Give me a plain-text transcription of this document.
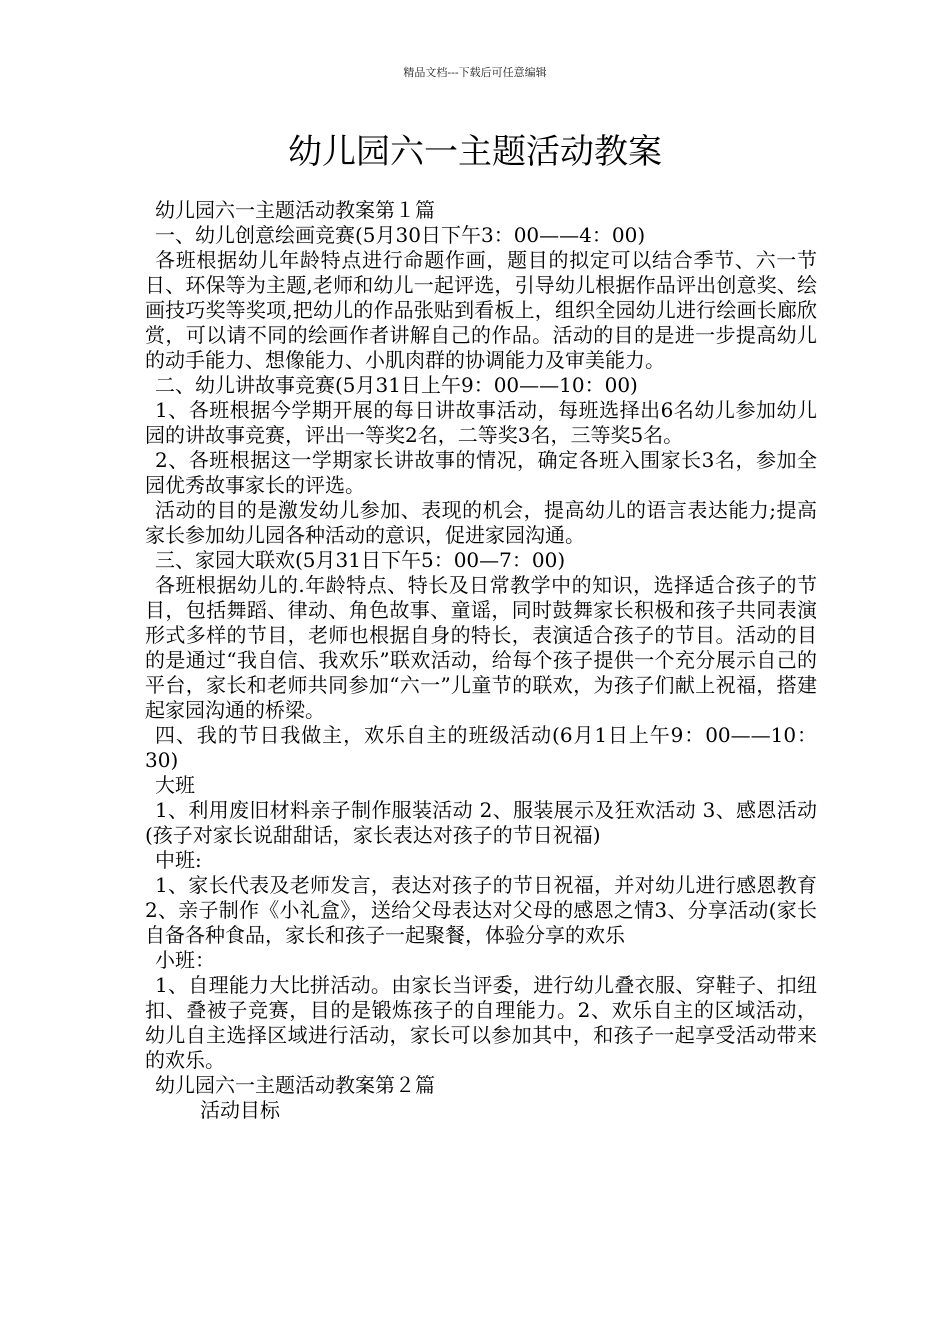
精品文档---下载后可任意编辑
幼儿园六一主题活动教案

幼儿园六一主题活动教案第１篇

一、幼儿创意绘画竞赛(5月30日下午3：00——4：00)

各班根据幼儿年龄特点进行命题作画，题目的拟定可以结合季节、六一节日、环保等为主题,老师和幼儿一起评选，引导幼儿根据作品评出创意奖、绘画技巧奖等奖项,把幼儿的作品张贴到看板上，组织全园幼儿进行绘画长廊欣赏，可以请不同的绘画作者讲解自己的作品。活动的目的是进一步提高幼儿的动手能力、想像能力、小肌肉群的协调能力及审美能力。

二、幼儿讲故事竞赛(5月31日上午9：00——10：00)

1、各班根据今学期开展的每日讲故事活动，每班选择出6名幼儿参加幼儿园的讲故事竞赛，评出一等奖2名，二等奖3名，三等奖5名。

2、各班根据这一学期家长讲故事的情况，确定各班入围家长3名，参加全园优秀故事家长的评选。

活动的目的是激发幼儿参加、表现的机会，提高幼儿的语言表达能力;提高家长参加幼儿园各种活动的意识，促进家园沟通。

三、家园大联欢(5月31日下午5：00—7：00)

各班根据幼儿的.年龄特点、特长及日常教学中的知识，选择适合孩子的节目，包括舞蹈、律动、角色故事、童谣，同时鼓舞家长积极和孩子共同表演形式多样的节目，老师也根据自身的特长，表演适合孩子的节目。活动的目的是通过“我自信、我欢乐”联欢活动，给每个孩子提供一个充分展示自己的平台，家长和老师共同参加“六一”儿童节的联欢，为孩子们献上祝福，搭建起家园沟通的桥梁。

四、我的节日我做主，欢乐自主的班级活动(6月1日上午9：00——10：30)

大班

1、利用废旧材料亲子制作服装活动 2、服装展示及狂欢活动 3、感恩活动(孩子对家长说甜甜话，家长表达对孩子的节日祝福)

中班:

1、家长代表及老师发言，表达对孩子的节日祝福，并对幼儿进行感恩教育2、亲子制作《小礼盒》，送给父母表达对父母的感恩之情3、分享活动(家长自备各种食品，家长和孩子一起聚餐，体验分享的欢乐

小班：

1、自理能力大比拼活动。由家长当评委，进行幼儿叠衣服、穿鞋子、扣纽扣、叠被子竞赛，目的是锻炼孩子的自理能力。2、欢乐自主的区域活动，幼儿自主选择区域进行活动，家长可以参加其中，和孩子一起享受活动带来的欢乐。

幼儿园六一主题活动教案第２篇

活动目标
